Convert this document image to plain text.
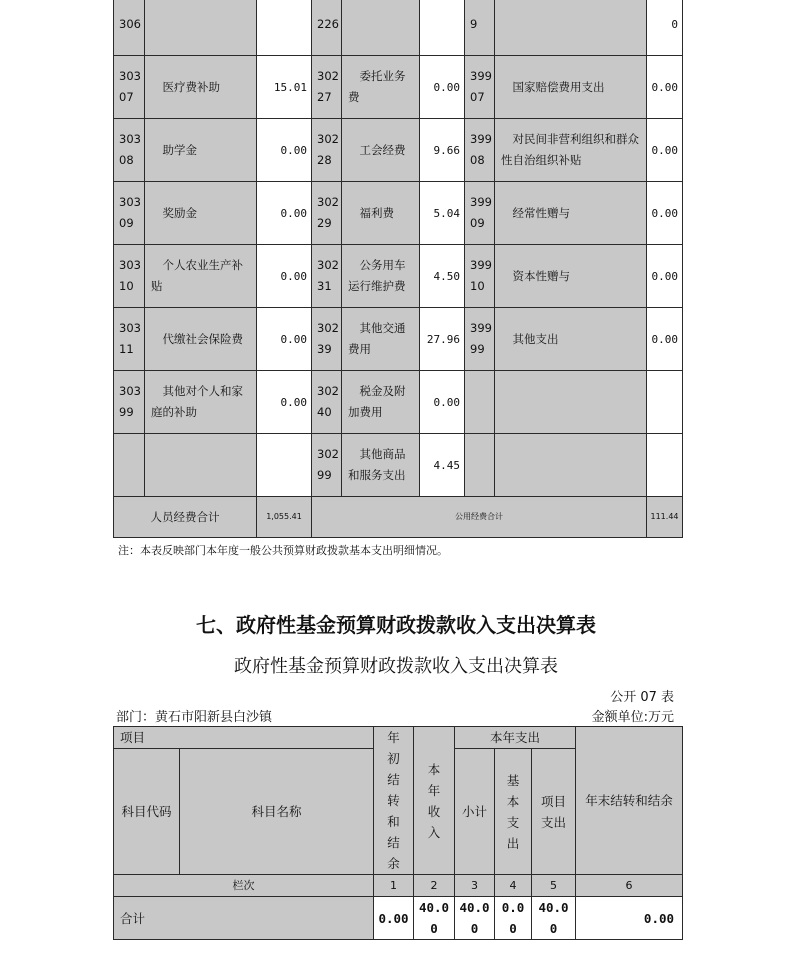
306			226			9		0
30307	医疗费补助	15.01	30227	委托业务费	0.00	39907	国家赔偿费用支出	0.00
30308	助学金	0.00	30228	工会经费	9.66	39908	对民间非营利组织和群众性自治组织补贴	0.00
30309	奖励金	0.00	30229	福利费	5.04	39909	经常性赠与	0.00
30310	个人农业生产补贴	0.00	30231	公务用车运行维护费	4.50	39910	资本性赠与	0.00
30311	代缴社会保险费	0.00	30239	其他交通费用	27.96	39999	其他支出	0.00
30399	其他对个人和家庭的补助	0.00	30240	税金及附加费用	0.00			
			30299	其他商品和服务支出	4.45			
人员经费合计		1,055.41	公用经费合计					111.44
注：本表反映部门本年度一般公共预算财政拨款基本支出明细情况。
七、政府性基金预算财政拨款收入支出决算表
政府性基金预算财政拨款收入支出决算表
公开 07 表
部门：黄石市阳新县白沙镇	金额单位:万元
项目		年初结转和结余	本年收入	本年支出			年末结转和结余
科目代码	科目名称			小计	基本支出	项目支出	
栏次		1	2	3	4	5	6
合计		0.00	40.00	40.00	0.00	40.00	0.00
